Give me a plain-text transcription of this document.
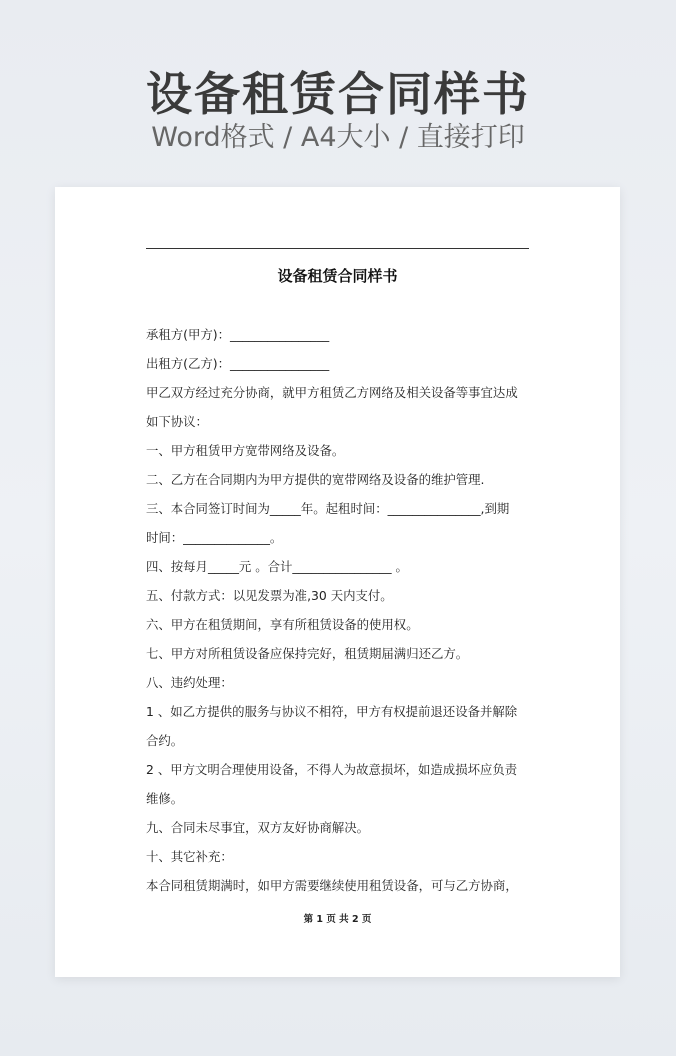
设备租赁合同样书
Word格式 / A4大小 / 直接打印
设备租赁合同样书
承租方(甲方)：________________
出租方(乙方)：________________
甲乙双方经过充分协商，就甲方租赁乙方网络及相关设备等事宜达成
如下协议：
一、甲方租赁甲方宽带网络及设备。
二、乙方在合同期内为甲方提供的宽带网络及设备的维护管理.
三、本合同签订时间为_____年。起租时间：_______________,到期
时间：______________。
四、按每月_____元 。合计________________ 。
五、付款方式：以见发票为准,30 天内支付。
六、甲方在租赁期间，享有所租赁设备的使用权。
七、甲方对所租赁设备应保持完好，租赁期届满归还乙方。
八、违约处理：
1 、如乙方提供的服务与协议不相符，甲方有权提前退还设备并解除
合约。
2 、甲方文明合理使用设备，不得人为故意损坏，如造成损坏应负责
维修。
九、合同未尽事宜，双方友好协商解决。
十、其它补充：
本合同租赁期满时，如甲方需要继续使用租赁设备，可与乙方协商，
第 1 页 共 2 页
